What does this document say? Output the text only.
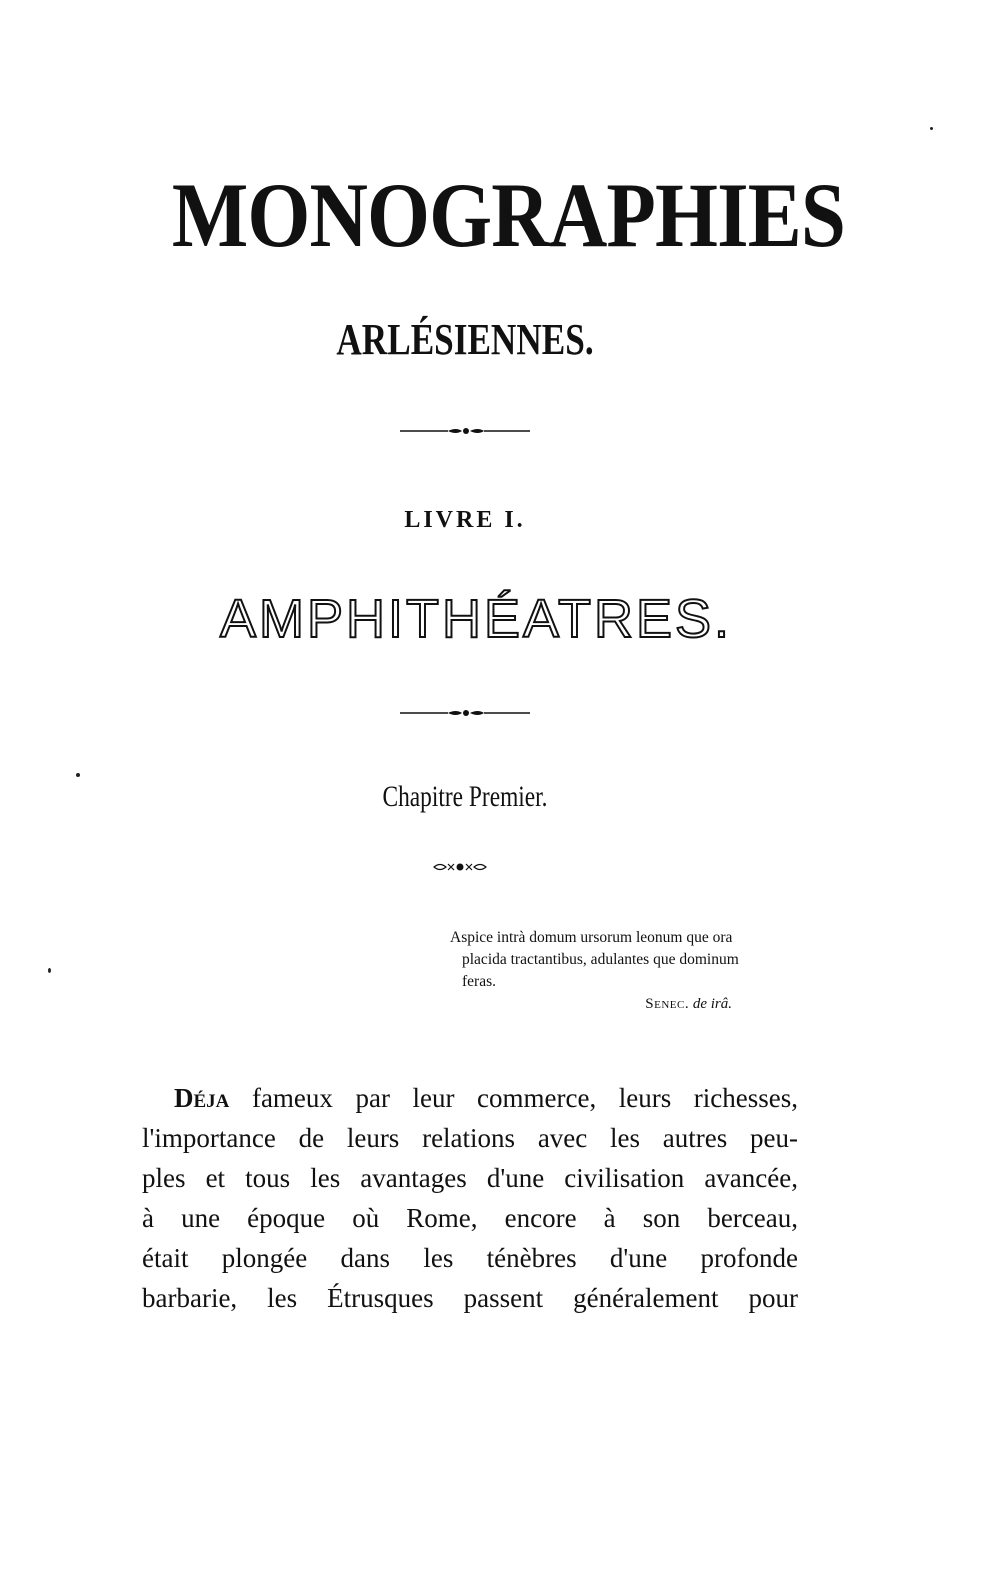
MONOGRAPHIES
ARLÉSIENNES.
LIVRE I.
AMPHITHÉATRES.
Chapitre Premier.
Aspice intrà domum ursorum leonum que ora
placida tractantibus, adulantes que dominum
feras.
Senec. de irâ.
Déja fameux par leur commerce, leurs richesses,
l'importance de leurs relations avec les autres peu-
ples et tous les avantages d'une civilisation avancée,
à une époque où Rome, encore à son berceau,
était plongée dans les ténèbres d'une profonde
barbarie, les Étrusques passent généralement pour
